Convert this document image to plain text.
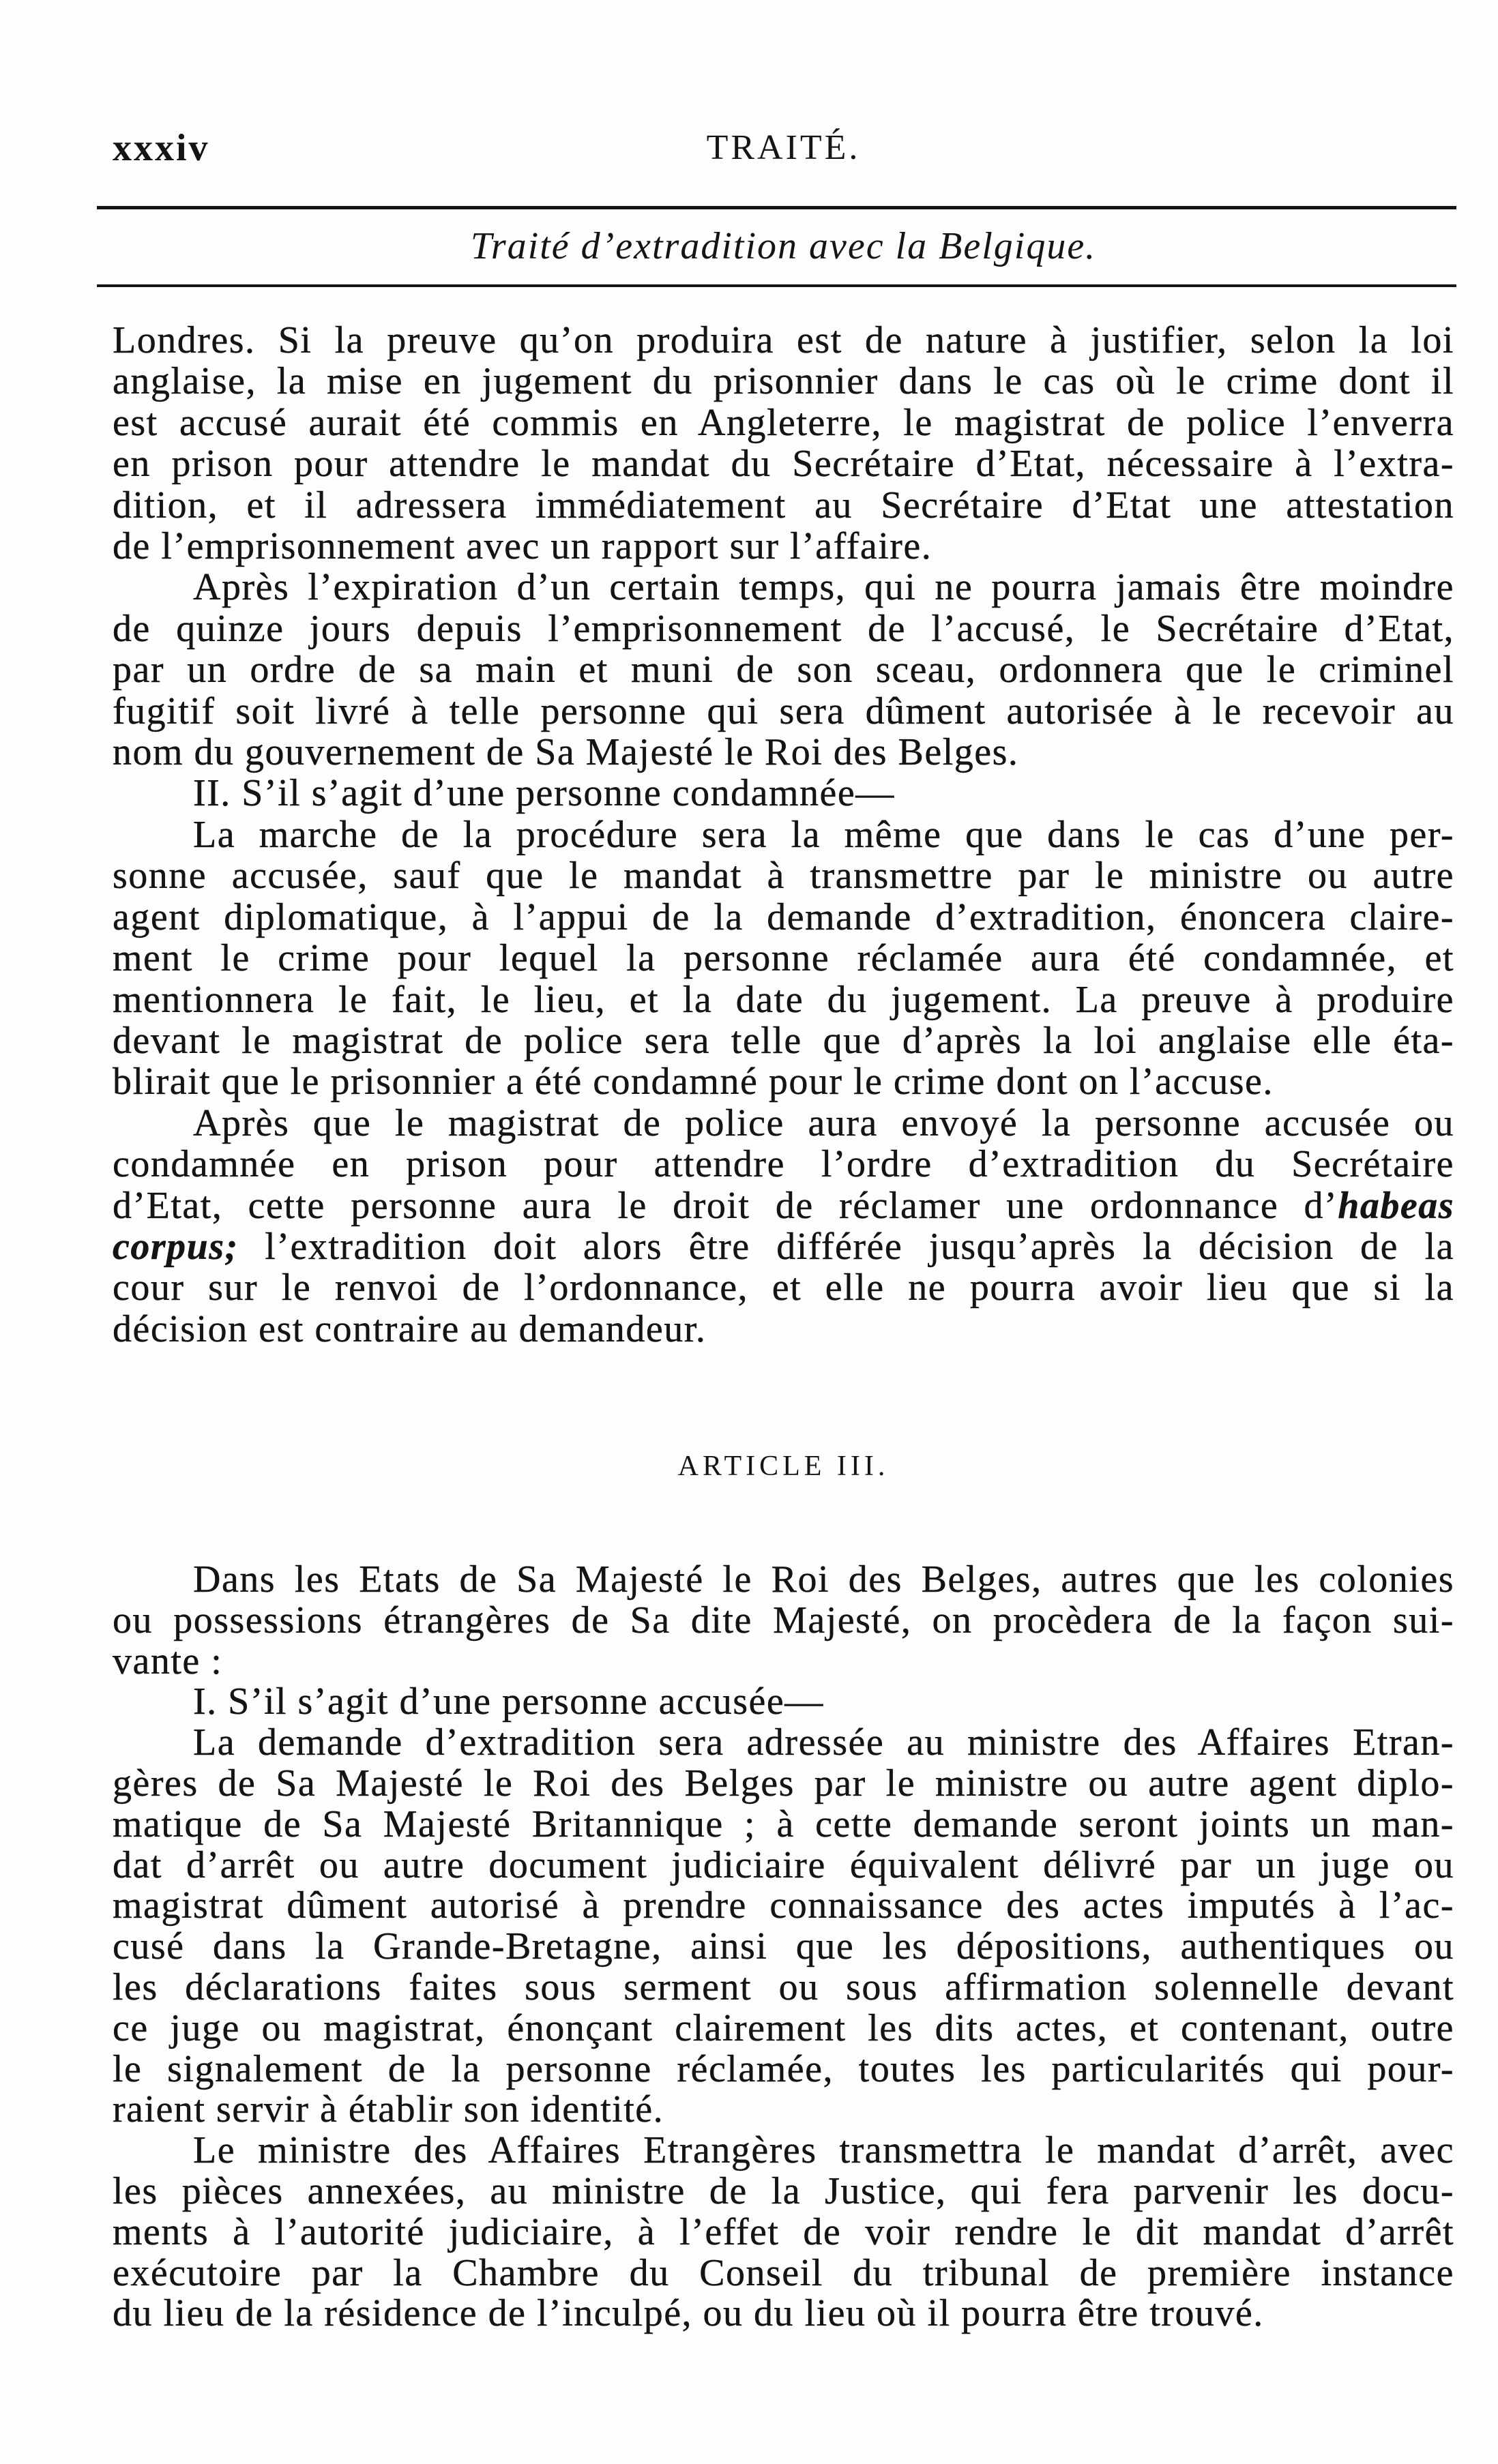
xxxiv	TRAITÉ.
Traité d’extradition avec la Belgique.
Londres. Si la preuve qu’on produira est de nature à justifier, selon la loi
anglaise, la mise en jugement du prisonnier dans le cas où le crime dont il
est accusé aurait été commis en Angleterre, le magistrat de police l’enverra
en prison pour attendre le mandat du Secrétaire d’Etat, nécessaire à l’extra-
dition, et il adressera immédiatement au Secrétaire d’Etat une attestation
de l’emprisonnement avec un rapport sur l’affaire.
Après l’expiration d’un certain temps, qui ne pourra jamais être moindre
de quinze jours depuis l’emprisonnement de l’accusé, le Secrétaire d’Etat,
par un ordre de sa main et muni de son sceau, ordonnera que le criminel
fugitif soit livré à telle personne qui sera dûment autorisée à le recevoir au
nom du gouvernement de Sa Majesté le Roi des Belges.
II. S’il s’agit d’une personne condamnée—
La marche de la procédure sera la même que dans le cas d’une per-
sonne accusée, sauf que le mandat à transmettre par le ministre ou autre
agent diplomatique, à l’appui de la demande d’extradition, énoncera claire-
ment le crime pour lequel la personne réclamée aura été condamnée, et
mentionnera le fait, le lieu, et la date du jugement. La preuve à produire
devant le magistrat de police sera telle que d’après la loi anglaise elle éta-
blirait que le prisonnier a été condamné pour le crime dont on l’accuse.
Après que le magistrat de police aura envoyé la personne accusée ou
condamnée en prison pour attendre l’ordre d’extradition du Secrétaire
d’Etat, cette personne aura le droit de réclamer une ordonnance d’habeas
corpus; l’extradition doit alors être différée jusqu’après la décision de la
cour sur le renvoi de l’ordonnance, et elle ne pourra avoir lieu que si la
décision est contraire au demandeur.
ARTICLE III.
Dans les Etats de Sa Majesté le Roi des Belges, autres que les colonies
ou possessions étrangères de Sa dite Majesté, on procèdera de la façon sui-
vante :
I. S’il s’agit d’une personne accusée—
La demande d’extradition sera adressée au ministre des Affaires Etran-
gères de Sa Majesté le Roi des Belges par le ministre ou autre agent diplo-
matique de Sa Majesté Britannique ; à cette demande seront joints un man-
dat d’arrêt ou autre document judiciaire équivalent délivré par un juge ou
magistrat dûment autorisé à prendre connaissance des actes imputés à l’ac-
cusé dans la Grande-Bretagne, ainsi que les dépositions, authentiques ou
les déclarations faites sous serment ou sous affirmation solennelle devant
ce juge ou magistrat, énonçant clairement les dits actes, et contenant, outre
le signalement de la personne réclamée, toutes les particularités qui pour-
raient servir à établir son identité.
Le ministre des Affaires Etrangères transmettra le mandat d’arrêt, avec
les pièces annexées, au ministre de la Justice, qui fera parvenir les docu-
ments à l’autorité judiciaire, à l’effet de voir rendre le dit mandat d’arrêt
exécutoire par la Chambre du Conseil du tribunal de première instance
du lieu de la résidence de l’inculpé, ou du lieu où il pourra être trouvé.
